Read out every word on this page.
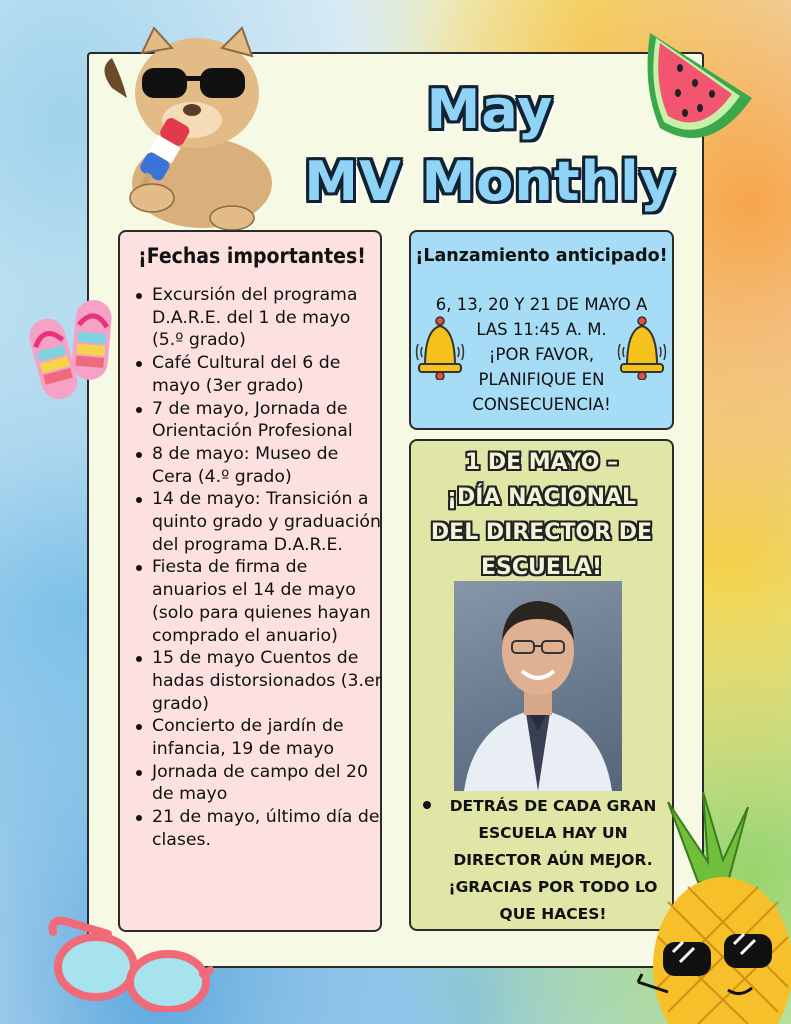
May
MV Monthly
¡Fechas importantes!
Excursión del programa D.A.R.E. del 1 de mayo (5.º grado)
Café Cultural del 6 de mayo (3er grado)
7 de mayo, Jornada de Orientación Profesional
8 de mayo: Museo de Cera (4.º grado)
14 de mayo: Transición a quinto grado y graduación del programa D.A.R.E.
Fiesta de firma de anuarios el 14 de mayo (solo para quienes hayan comprado el anuario)
15 de mayo Cuentos de hadas distorsionados (3.er grado)
Concierto de jardín de infancia, 19 de mayo
Jornada de campo del 20 de mayo
21 de mayo, último día de clases.
¡Lanzamiento anticipado!
6, 13, 20 Y 21 DE MAYO A
LAS 11:45 A. M.
¡POR FAVOR,
PLANIFIQUE EN
CONSECUENCIA!
1 DE MAYO –
¡DÍA NACIONAL
DEL DIRECTOR DE
ESCUELA!
DETRÁS DE CADA GRAN ESCUELA HAY UN DIRECTOR AÚN MEJOR. ¡GRACIAS POR TODO LO QUE HACES!
